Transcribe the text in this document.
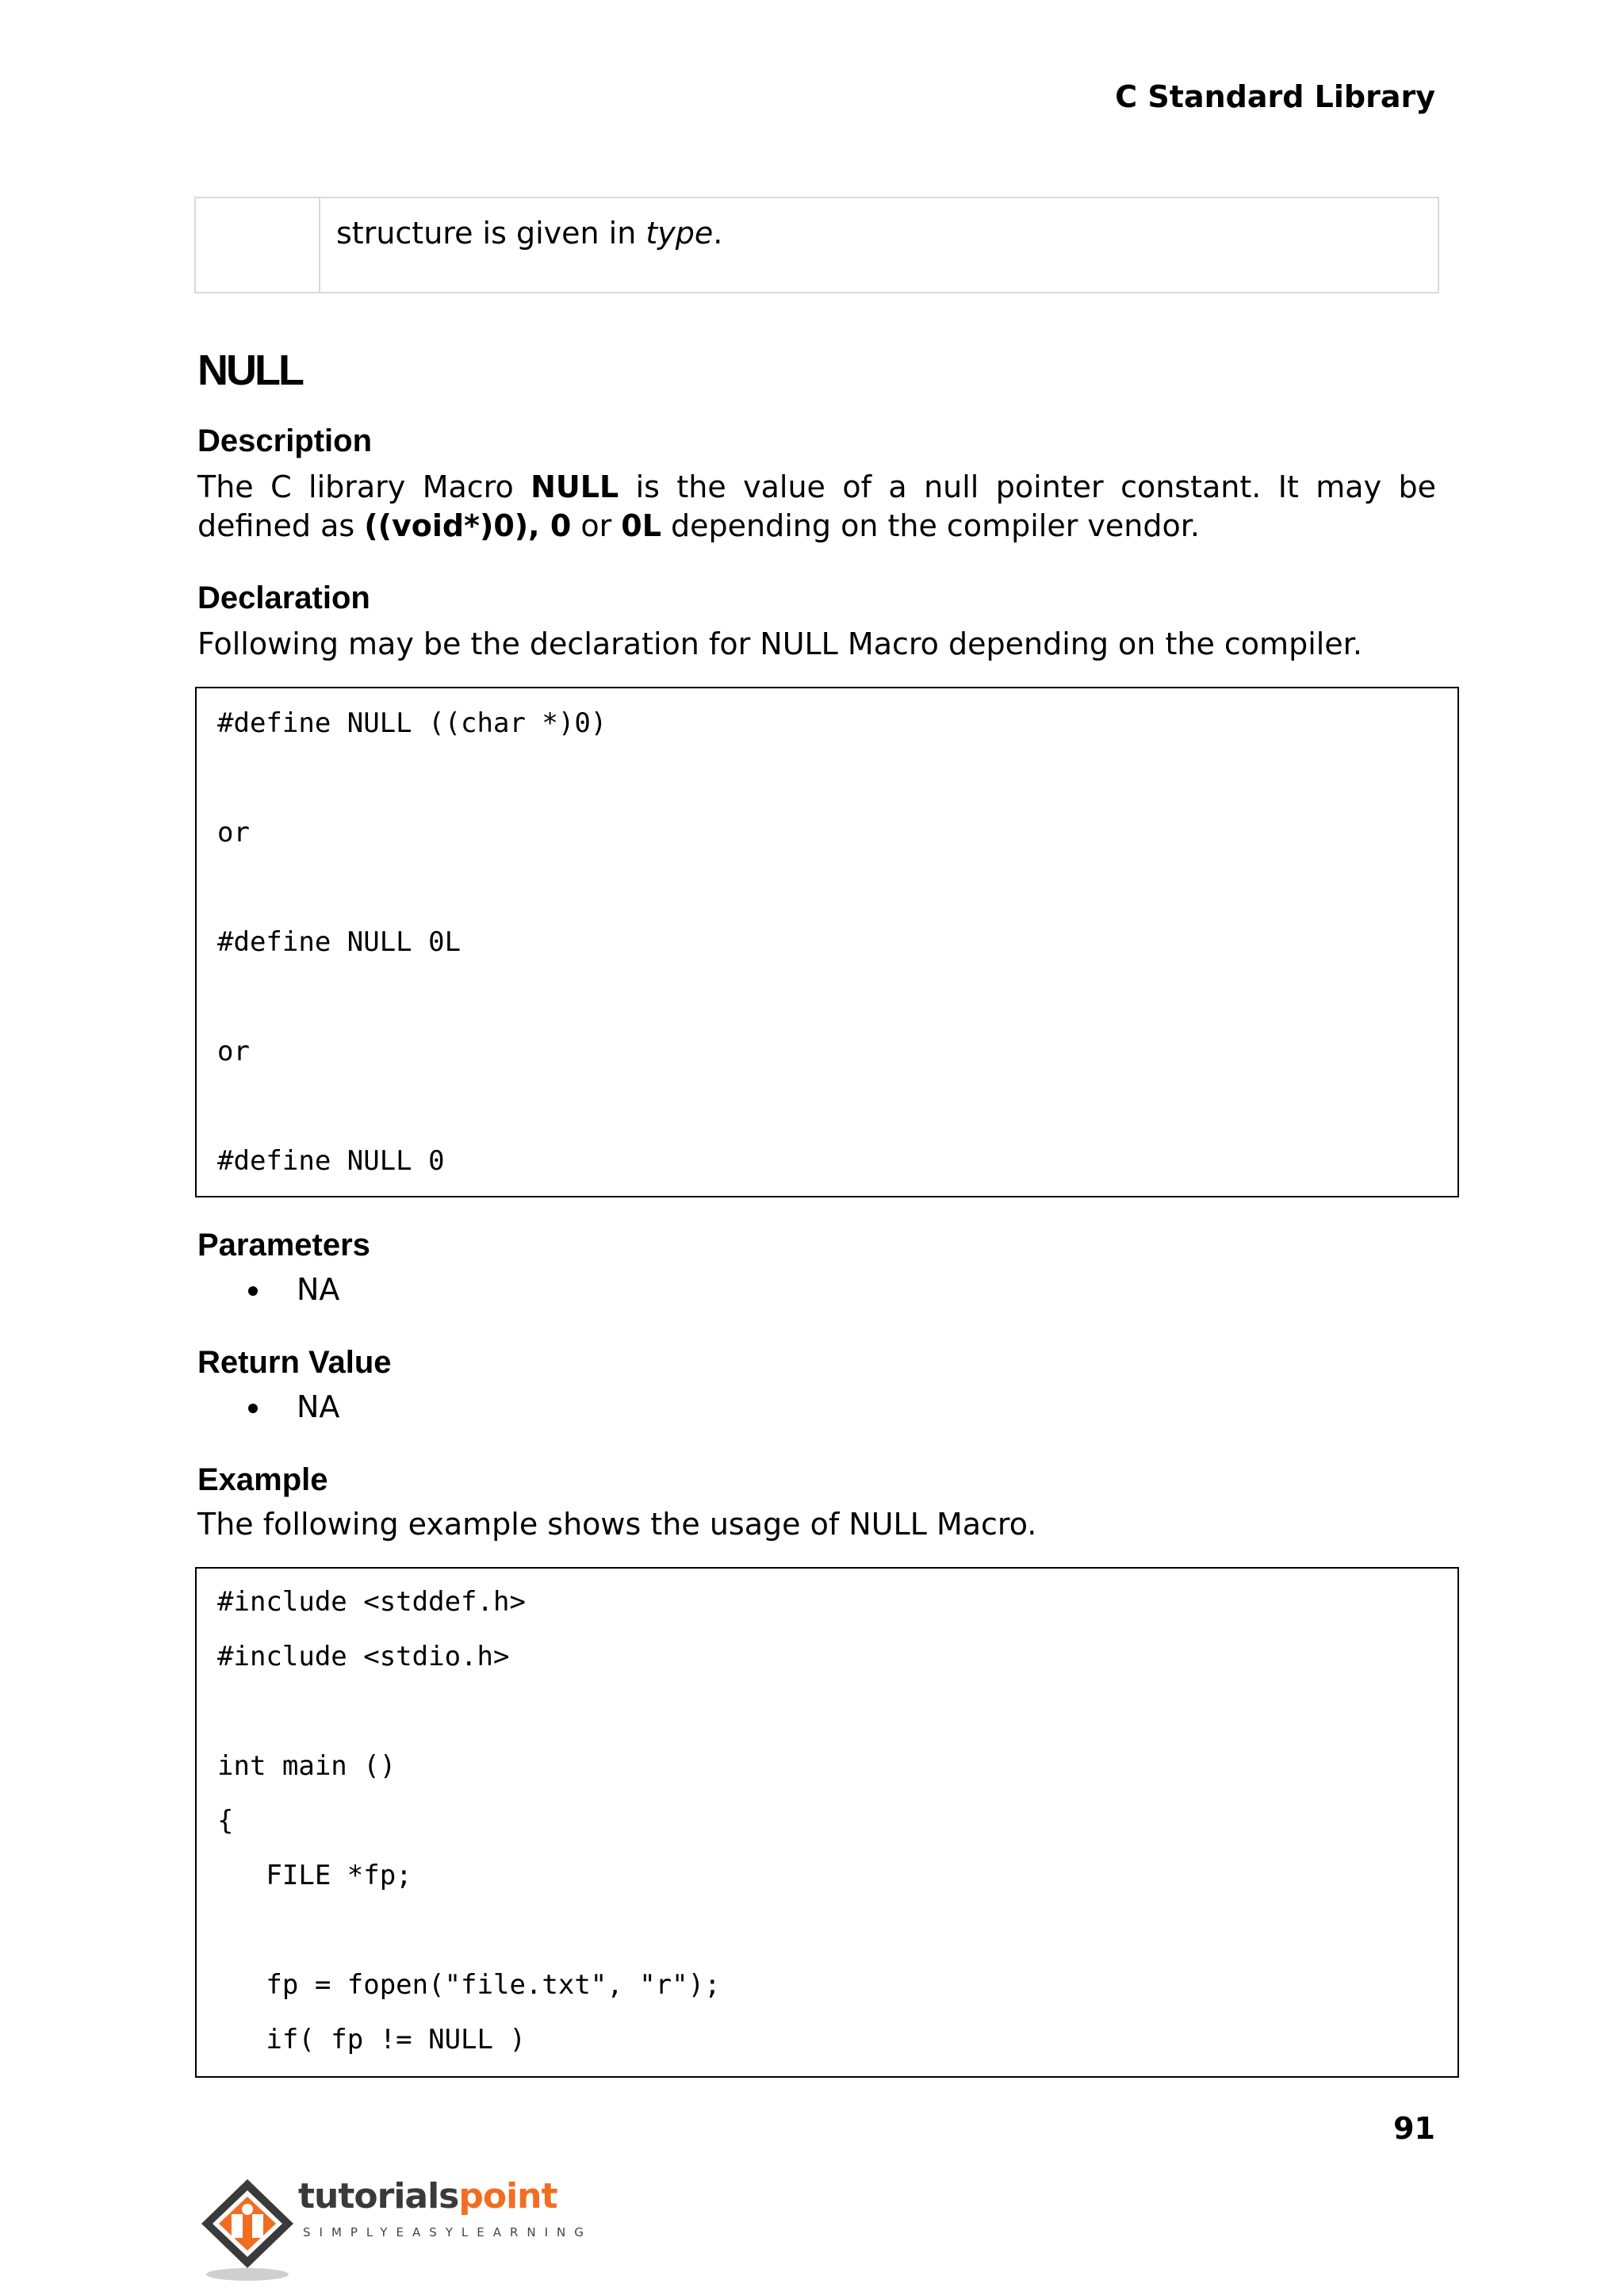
C Standard Library
structure is given in type.
NULL
Description
The C library Macro NULL is the value of a null pointer constant. It may be defined as ((void*)0), 0 or 0L depending on the compiler vendor.
Declaration
Following may be the declaration for NULL Macro depending on the compiler.
#define NULL ((char *)0)
or
#define NULL 0L
or
#define NULL 0
Parameters
NA
Return Value
NA
Example
The following example shows the usage of NULL Macro.
#include <stddef.h>
#include <stdio.h>
int main ()
{
FILE *fp;
fp = fopen("file.txt", "r");
if( fp != NULL )
91
tutorialspoint
SIMPLYEASYLEARNING
